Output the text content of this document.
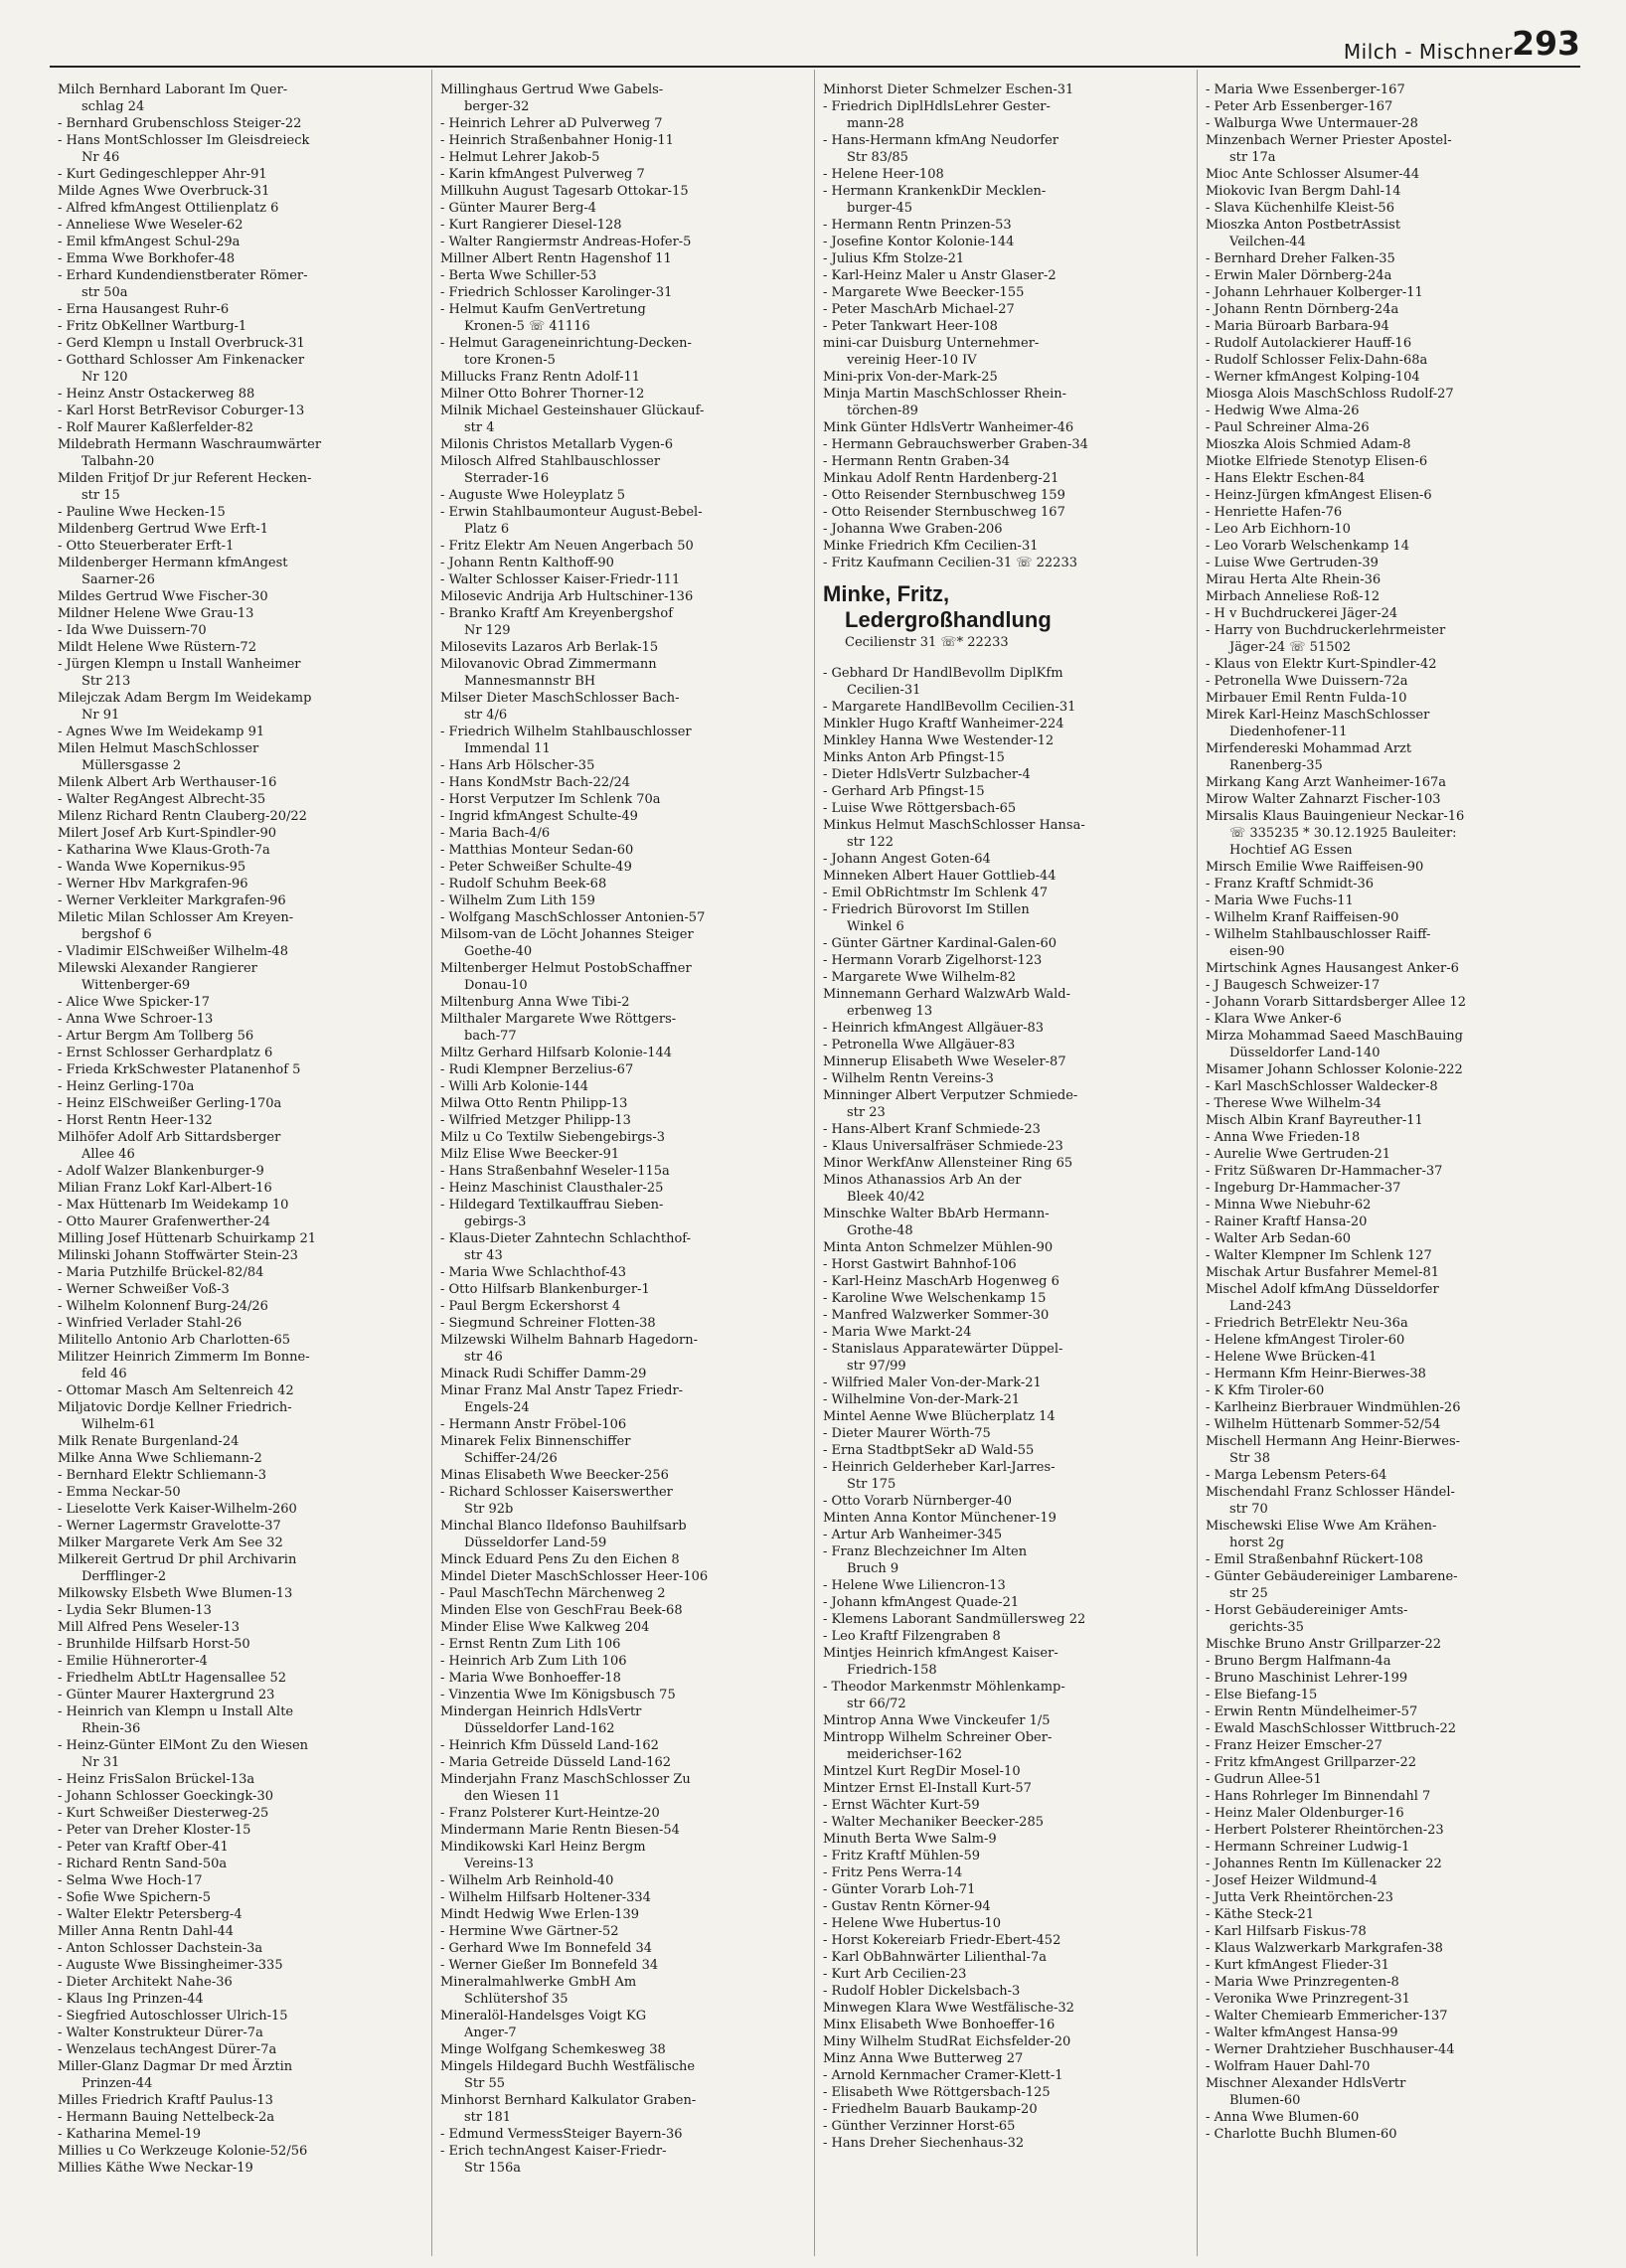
Milch - Mischner 293
Milch Bernhard Laborant Im Quer-
schlag 24
- Bernhard Grubenschloss Steiger-22
- Hans MontSchlosser Im Gleisdreieck
Nr 46
- Kurt Gedingeschlepper Ahr-91
Milde Agnes Wwe Overbruck-31
- Alfred kfmAngest Ottilienplatz 6
- Anneliese Wwe Weseler-62
- Emil kfmAngest Schul-29a
- Emma Wwe Borkhofer-48
- Erhard Kundendienstberater Römer-
str 50a
- Erna Hausangest Ruhr-6
- Fritz ObKellner Wartburg-1
- Gerd Klempn u Install Overbruck-31
- Gotthard Schlosser Am Finkenacker
Nr 120
- Heinz Anstr Ostackerweg 88
- Karl Horst BetrRevisor Coburger-13
- Rolf Maurer Kaßlerfelder-82
Mildebrath Hermann Waschraumwärter
Talbahn-20
Milden Fritjof Dr jur Referent Hecken-
str 15
- Pauline Wwe Hecken-15
Mildenberg Gertrud Wwe Erft-1
- Otto Steuerberater Erft-1
Mildenberger Hermann kfmAngest
Saarner-26
Mildes Gertrud Wwe Fischer-30
Mildner Helene Wwe Grau-13
- Ida Wwe Duissern-70
Mildt Helene Wwe Rüstern-72
- Jürgen Klempn u Install Wanheimer
Str 213
Milejczak Adam Bergm Im Weidekamp
Nr 91
- Agnes Wwe Im Weidekamp 91
Milen Helmut MaschSchlosser
Müllersgasse 2
Milenk Albert Arb Werthauser-16
- Walter RegAngest Albrecht-35
Milenz Richard Rentn Clauberg-20/22
Milert Josef Arb Kurt-Spindler-90
- Katharina Wwe Klaus-Groth-7a
- Wanda Wwe Kopernikus-95
- Werner Hbv Markgrafen-96
- Werner Verkleiter Markgrafen-96
Miletic Milan Schlosser Am Kreyen-
bergshof 6
- Vladimir ElSchweißer Wilhelm-48
Milewski Alexander Rangierer
Wittenberger-69
- Alice Wwe Spicker-17
- Anna Wwe Schroer-13
- Artur Bergm Am Tollberg 56
- Ernst Schlosser Gerhardplatz 6
- Frieda KrkSchwester Platanenhof 5
- Heinz Gerling-170a
- Heinz ElSchweißer Gerling-170a
- Horst Rentn Heer-132
Milhöfer Adolf Arb Sittardsberger
Allee 46
- Adolf Walzer Blankenburger-9
Milian Franz Lokf Karl-Albert-16
- Max Hüttenarb Im Weidekamp 10
- Otto Maurer Grafenwerther-24
Milling Josef Hüttenarb Schuirkamp 21
Milinski Johann Stoffwärter Stein-23
- Maria Putzhilfe Brückel-82/84
- Werner Schweißer Voß-3
- Wilhelm Kolonnenf Burg-24/26
- Winfried Verlader Stahl-26
Militello Antonio Arb Charlotten-65
Militzer Heinrich Zimmerm Im Bonne-
feld 46
- Ottomar Masch Am Seltenreich 42
Miljatovic Dordje Kellner Friedrich-
Wilhelm-61
Milk Renate Burgenland-24
Milke Anna Wwe Schliemann-2
- Bernhard Elektr Schliemann-3
- Emma Neckar-50
- Lieselotte Verk Kaiser-Wilhelm-260
- Werner Lagermstr Gravelotte-37
Milker Margarete Verk Am See 32
Milkereit Gertrud Dr phil Archivarin
Derfflinger-2
Milkowsky Elsbeth Wwe Blumen-13
- Lydia Sekr Blumen-13
Mill Alfred Pens Weseler-13
- Brunhilde Hilfsarb Horst-50
- Emilie Hühnerorter-4
- Friedhelm AbtLtr Hagensallee 52
- Günter Maurer Haxtergrund 23
- Heinrich van Klempn u Install Alte
Rhein-36
- Heinz-Günter ElMont Zu den Wiesen
Nr 31
- Heinz FrisSalon Brückel-13a
- Johann Schlosser Goeckingk-30
- Kurt Schweißer Diesterweg-25
- Peter van Dreher Kloster-15
- Peter van Kraftf Ober-41
- Richard Rentn Sand-50a
- Selma Wwe Hoch-17
- Sofie Wwe Spichern-5
- Walter Elektr Petersberg-4
Miller Anna Rentn Dahl-44
- Anton Schlosser Dachstein-3a
- Auguste Wwe Bissingheimer-335
- Dieter Architekt Nahe-36
- Klaus Ing Prinzen-44
- Siegfried Autoschlosser Ulrich-15
- Walter Konstrukteur Dürer-7a
- Wenzelaus techAngest Dürer-7a
Miller-Glanz Dagmar Dr med Ärztin
Prinzen-44
Milles Friedrich Kraftf Paulus-13
- Hermann Bauing Nettelbeck-2a
- Katharina Memel-19
Millies u Co Werkzeuge Kolonie-52/56
Millies Käthe Wwe Neckar-19
Millinghaus Gertrud Wwe Gabels-
berger-32
- Heinrich Lehrer aD Pulverweg 7
- Heinrich Straßenbahner Honig-11
- Helmut Lehrer Jakob-5
- Karin kfmAngest Pulverweg 7
Millkuhn August Tagesarb Ottokar-15
- Günter Maurer Berg-4
- Kurt Rangierer Diesel-128
- Walter Rangiermstr Andreas-Hofer-5
Millner Albert Rentn Hagenshof 11
- Berta Wwe Schiller-53
- Friedrich Schlosser Karolinger-31
- Helmut Kaufm GenVertretung
Kronen-5 ☏ 41116
- Helmut Garageneinrichtung-Decken-
tore Kronen-5
Millucks Franz Rentn Adolf-11
Milner Otto Bohrer Thorner-12
Milnik Michael Gesteinshauer Glückauf-
str 4
Milonis Christos Metallarb Vygen-6
Milosch Alfred Stahlbauschlosser
Sterrader-16
- Auguste Wwe Holeyplatz 5
- Erwin Stahlbaumonteur August-Bebel-
Platz 6
- Fritz Elektr Am Neuen Angerbach 50
- Johann Rentn Kalthoff-90
- Walter Schlosser Kaiser-Friedr-111
Milosevic Andrija Arb Hultschiner-136
- Branko Kraftf Am Kreyenbergshof
Nr 129
Milosevits Lazaros Arb Berlak-15
Milovanovic Obrad Zimmermann
Mannesmannstr BH
Milser Dieter MaschSchlosser Bach-
str 4/6
- Friedrich Wilhelm Stahlbauschlosser
Immendal 11
- Hans Arb Hölscher-35
- Hans KondMstr Bach-22/24
- Horst Verputzer Im Schlenk 70a
- Ingrid kfmAngest Schulte-49
- Maria Bach-4/6
- Matthias Monteur Sedan-60
- Peter Schweißer Schulte-49
- Rudolf Schuhm Beek-68
- Wilhelm Zum Lith 159
- Wolfgang MaschSchlosser Antonien-57
Milsom-van de Löcht Johannes Steiger
Goethe-40
Miltenberger Helmut PostobSchaffner
Donau-10
Miltenburg Anna Wwe Tibi-2
Milthaler Margarete Wwe Röttgers-
bach-77
Miltz Gerhard Hilfsarb Kolonie-144
- Rudi Klempner Berzelius-67
- Willi Arb Kolonie-144
Milwa Otto Rentn Philipp-13
- Wilfried Metzger Philipp-13
Milz u Co Textilw Siebengebirgs-3
Milz Elise Wwe Beecker-91
- Hans Straßenbahnf Weseler-115a
- Heinz Maschinist Clausthaler-25
- Hildegard Textilkauffrau Sieben-
gebirgs-3
- Klaus-Dieter Zahntechn Schlachthof-
str 43
- Maria Wwe Schlachthof-43
- Otto Hilfsarb Blankenburger-1
- Paul Bergm Eckershorst 4
- Siegmund Schreiner Flotten-38
Milzewski Wilhelm Bahnarb Hagedorn-
str 46
Minack Rudi Schiffer Damm-29
Minar Franz Mal Anstr Tapez Friedr-
Engels-24
- Hermann Anstr Fröbel-106
Minarek Felix Binnenschiffer
Schiffer-24/26
Minas Elisabeth Wwe Beecker-256
- Richard Schlosser Kaiserswerther
Str 92b
Minchal Blanco Ildefonso Bauhilfsarb
Düsseldorfer Land-59
Minck Eduard Pens Zu den Eichen 8
Mindel Dieter MaschSchlosser Heer-106
- Paul MaschTechn Märchenweg 2
Minden Else von GeschFrau Beek-68
Minder Elise Wwe Kalkweg 204
- Ernst Rentn Zum Lith 106
- Heinrich Arb Zum Lith 106
- Maria Wwe Bonhoeffer-18
- Vinzentia Wwe Im Königsbusch 75
Mindergan Heinrich HdlsVertr
Düsseldorfer Land-162
- Heinrich Kfm Düsseld Land-162
- Maria Getreide Düsseld Land-162
Minderjahn Franz MaschSchlosser Zu
den Wiesen 11
- Franz Polsterer Kurt-Heintze-20
Mindermann Marie Rentn Biesen-54
Mindikowski Karl Heinz Bergm
Vereins-13
- Wilhelm Arb Reinhold-40
- Wilhelm Hilfsarb Holtener-334
Mindt Hedwig Wwe Erlen-139
- Hermine Wwe Gärtner-52
- Gerhard Wwe Im Bonnefeld 34
- Werner Gießer Im Bonnefeld 34
Mineralmahlwerke GmbH Am
Schlütershof 35
Mineralöl-Handelsges Voigt KG
Anger-7
Minge Wolfgang Schemkesweg 38
Mingels Hildegard Buchh Westfälische
Str 55
Minhorst Bernhard Kalkulator Graben-
str 181
- Edmund VermessSteiger Bayern-36
- Erich technAngest Kaiser-Friedr-
Str 156a
Minhorst Dieter Schmelzer Eschen-31
- Friedrich DiplHdlsLehrer Gester-
mann-28
- Hans-Hermann kfmAng Neudorfer
Str 83/85
- Helene Heer-108
- Hermann KrankenkDir Mecklen-
burger-45
- Hermann Rentn Prinzen-53
- Josefine Kontor Kolonie-144
- Julius Kfm Stolze-21
- Karl-Heinz Maler u Anstr Glaser-2
- Margarete Wwe Beecker-155
- Peter MaschArb Michael-27
- Peter Tankwart Heer-108
mini-car Duisburg Unternehmer-
vereinig Heer-10 IV
Mini-prix Von-der-Mark-25
Minja Martin MaschSchlosser Rhein-
törchen-89
Mink Günter HdlsVertr Wanheimer-46
- Hermann Gebrauchswerber Graben-34
- Hermann Rentn Graben-34
Minkau Adolf Rentn Hardenberg-21
- Otto Reisender Sternbuschweg 159
- Otto Reisender Sternbuschweg 167
- Johanna Wwe Graben-206
Minke Friedrich Kfm Cecilien-31
- Fritz Kaufmann Cecilien-31 ☏ 22233
Minke, Fritz,
Ledergroßhandlung
Cecilienstr 31 ☏* 22233
- Gebhard Dr HandlBevollm DiplKfm
Cecilien-31
- Margarete HandlBevollm Cecilien-31
Minkler Hugo Kraftf Wanheimer-224
Minkley Hanna Wwe Westender-12
Minks Anton Arb Pfingst-15
- Dieter HdlsVertr Sulzbacher-4
- Gerhard Arb Pfingst-15
- Luise Wwe Röttgersbach-65
Minkus Helmut MaschSchlosser Hansa-
str 122
- Johann Angest Goten-64
Minneken Albert Hauer Gottlieb-44
- Emil ObRichtmstr Im Schlenk 47
- Friedrich Bürovorst Im Stillen
Winkel 6
- Günter Gärtner Kardinal-Galen-60
- Hermann Vorarb Zigelhorst-123
- Margarete Wwe Wilhelm-82
Minnemann Gerhard WalzwArb Wald-
erbenweg 13
- Heinrich kfmAngest Allgäuer-83
- Petronella Wwe Allgäuer-83
Minnerup Elisabeth Wwe Weseler-87
- Wilhelm Rentn Vereins-3
Minninger Albert Verputzer Schmiede-
str 23
- Hans-Albert Kranf Schmiede-23
- Klaus Universalfräser Schmiede-23
Minor WerkfAnw Allensteiner Ring 65
Minos Athanassios Arb An der
Bleek 40/42
Minschke Walter BbArb Hermann-
Grothe-48
Minta Anton Schmelzer Mühlen-90
- Horst Gastwirt Bahnhof-106
- Karl-Heinz MaschArb Hogenweg 6
- Karoline Wwe Welschenkamp 15
- Manfred Walzwerker Sommer-30
- Maria Wwe Markt-24
- Stanislaus Apparatewärter Düppel-
str 97/99
- Wilfried Maler Von-der-Mark-21
- Wilhelmine Von-der-Mark-21
Mintel Aenne Wwe Blücherplatz 14
- Dieter Maurer Wörth-75
- Erna StadtbptSekr aD Wald-55
- Heinrich Gelderheber Karl-Jarres-
Str 175
- Otto Vorarb Nürnberger-40
Minten Anna Kontor Münchener-19
- Artur Arb Wanheimer-345
- Franz Blechzeichner Im Alten
Bruch 9
- Helene Wwe Liliencron-13
- Johann kfmAngest Quade-21
- Klemens Laborant Sandmüllersweg 22
- Leo Kraftf Filzengraben 8
Mintjes Heinrich kfmAngest Kaiser-
Friedrich-158
- Theodor Markenmstr Möhlenkamp-
str 66/72
Mintrop Anna Wwe Vinckeufer 1/5
Mintropp Wilhelm Schreiner Ober-
meiderichser-162
Mintzel Kurt RegDir Mosel-10
Mintzer Ernst El-Install Kurt-57
- Ernst Wächter Kurt-59
- Walter Mechaniker Beecker-285
Minuth Berta Wwe Salm-9
- Fritz Kraftf Mühlen-59
- Fritz Pens Werra-14
- Günter Vorarb Loh-71
- Gustav Rentn Körner-94
- Helene Wwe Hubertus-10
- Horst Kokereiarb Friedr-Ebert-452
- Karl ObBahnwärter Lilienthal-7a
- Kurt Arb Cecilien-23
- Rudolf Hobler Dickelsbach-3
Minwegen Klara Wwe Westfälische-32
Minx Elisabeth Wwe Bonhoeffer-16
Miny Wilhelm StudRat Eichsfelder-20
Minz Anna Wwe Butterweg 27
- Arnold Kernmacher Cramer-Klett-1
- Elisabeth Wwe Röttgersbach-125
- Friedhelm Bauarb Baukamp-20
- Günther Verzinner Horst-65
- Hans Dreher Siechenhaus-32
- Maria Wwe Essenberger-167
- Peter Arb Essenberger-167
- Walburga Wwe Untermauer-28
Minzenbach Werner Priester Apostel-
str 17a
Mioc Ante Schlosser Alsumer-44
Miokovic Ivan Bergm Dahl-14
- Slava Küchenhilfe Kleist-56
Mioszka Anton PostbetrAssist
Veilchen-44
- Bernhard Dreher Falken-35
- Erwin Maler Dörnberg-24a
- Johann Lehrhauer Kolberger-11
- Johann Rentn Dörnberg-24a
- Maria Büroarb Barbara-94
- Rudolf Autolackierer Hauff-16
- Rudolf Schlosser Felix-Dahn-68a
- Werner kfmAngest Kolping-104
Miosga Alois MaschSchloss Rudolf-27
- Hedwig Wwe Alma-26
- Paul Schreiner Alma-26
Mioszka Alois Schmied Adam-8
Miotke Elfriede Stenotyp Elisen-6
- Hans Elektr Eschen-84
- Heinz-Jürgen kfmAngest Elisen-6
- Henriette Hafen-76
- Leo Arb Eichhorn-10
- Leo Vorarb Welschenkamp 14
- Luise Wwe Gertruden-39
Mirau Herta Alte Rhein-36
Mirbach Anneliese Roß-12
- H v Buchdruckerei Jäger-24
- Harry von Buchdruckerlehrmeister
Jäger-24 ☏ 51502
- Klaus von Elektr Kurt-Spindler-42
- Petronella Wwe Duissern-72a
Mirbauer Emil Rentn Fulda-10
Mirek Karl-Heinz MaschSchlosser
Diedenhofener-11
Mirfendereski Mohammad Arzt
Ranenberg-35
Mirkang Kang Arzt Wanheimer-167a
Mirow Walter Zahnarzt Fischer-103
Mirsalis Klaus Bauingenieur Neckar-16
☏ 335235 * 30.12.1925 Bauleiter:
Hochtief AG Essen
Mirsch Emilie Wwe Raiffeisen-90
- Franz Kraftf Schmidt-36
- Maria Wwe Fuchs-11
- Wilhelm Kranf Raiffeisen-90
- Wilhelm Stahlbauschlosser Raiff-
eisen-90
Mirtschink Agnes Hausangest Anker-6
- J Baugesch Schweizer-17
- Johann Vorarb Sittardsberger Allee 12
- Klara Wwe Anker-6
Mirza Mohammad Saeed MaschBauing
Düsseldorfer Land-140
Misamer Johann Schlosser Kolonie-222
- Karl MaschSchlosser Waldecker-8
- Therese Wwe Wilhelm-34
Misch Albin Kranf Bayreuther-11
- Anna Wwe Frieden-18
- Aurelie Wwe Gertruden-21
- Fritz Süßwaren Dr-Hammacher-37
- Ingeburg Dr-Hammacher-37
- Minna Wwe Niebuhr-62
- Rainer Kraftf Hansa-20
- Walter Arb Sedan-60
- Walter Klempner Im Schlenk 127
Mischak Artur Busfahrer Memel-81
Mischel Adolf kfmAng Düsseldorfer
Land-243
- Friedrich BetrElektr Neu-36a
- Helene kfmAngest Tiroler-60
- Helene Wwe Brücken-41
- Hermann Kfm Heinr-Bierwes-38
- K Kfm Tiroler-60
- Karlheinz Bierbrauer Windmühlen-26
- Wilhelm Hüttenarb Sommer-52/54
Mischell Hermann Ang Heinr-Bierwes-
Str 38
- Marga Lebensm Peters-64
Mischendahl Franz Schlosser Händel-
str 70
Mischewski Elise Wwe Am Krähen-
horst 2g
- Emil Straßenbahnf Rückert-108
- Günter Gebäudereiniger Lambarene-
str 25
- Horst Gebäudereiniger Amts-
gerichts-35
Mischke Bruno Anstr Grillparzer-22
- Bruno Bergm Halfmann-4a
- Bruno Maschinist Lehrer-199
- Else Biefang-15
- Erwin Rentn Mündelheimer-57
- Ewald MaschSchlosser Wittbruch-22
- Franz Heizer Emscher-27
- Fritz kfmAngest Grillparzer-22
- Gudrun Allee-51
- Hans Rohrleger Im Binnendahl 7
- Heinz Maler Oldenburger-16
- Herbert Polsterer Rheintörchen-23
- Hermann Schreiner Ludwig-1
- Johannes Rentn Im Küllenacker 22
- Josef Heizer Wildmund-4
- Jutta Verk Rheintörchen-23
- Käthe Steck-21
- Karl Hilfsarb Fiskus-78
- Klaus Walzwerkarb Markgrafen-38
- Kurt kfmAngest Flieder-31
- Maria Wwe Prinzregenten-8
- Veronika Wwe Prinzregent-31
- Walter Chemiearb Emmericher-137
- Walter kfmAngest Hansa-99
- Werner Drahtzieher Buschhauser-44
- Wolfram Hauer Dahl-70
Mischner Alexander HdlsVertr
Blumen-60
- Anna Wwe Blumen-60
- Charlotte Buchh Blumen-60
